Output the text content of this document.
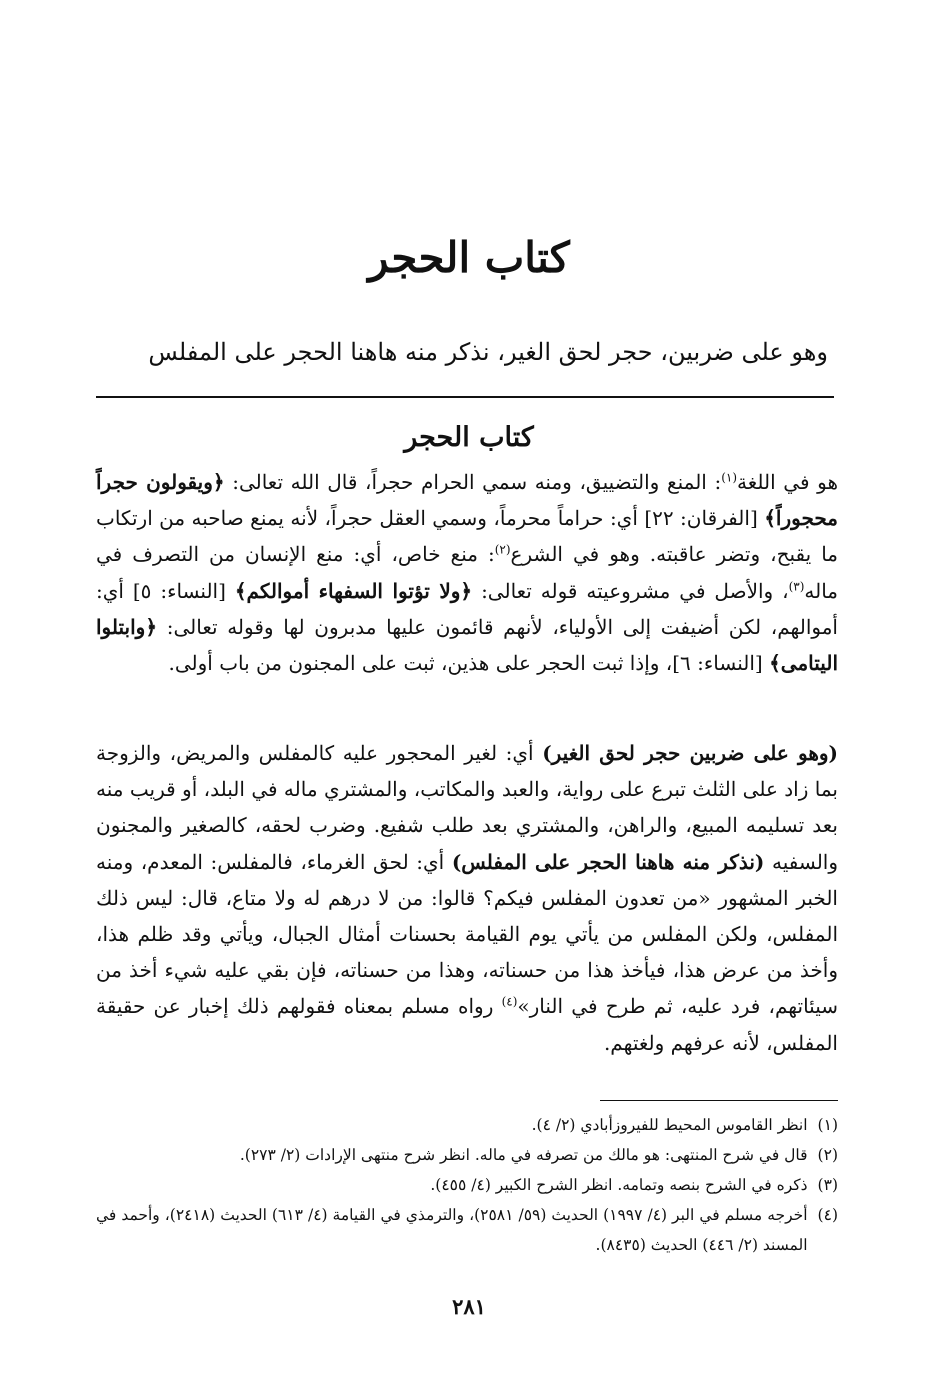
كتاب الحجر
وهو على ضربين، حجر لحق الغير، نذكر منه هاهنا الحجر على المفلس
كتاب الحجر
هو في اللغة$^{(١)}$: المنع والتضييق، ومنه سمي الحرام حجراً، قال الله تعالى: ﴿ويقولون حجراً محجوراً﴾ [الفرقان: ٢٢] أي: حراماً محرماً، وسمي العقل حجراً، لأنه يمنع صاحبه من ارتكاب ما يقبح، وتضر عاقبته. وهو في الشرع$^{(٢)}$: منع خاص، أي: منع الإنسان من التصرف في ماله$^{(٣)}$، والأصل في مشروعيته قوله تعالى: ﴿ولا تؤتوا السفهاء أموالكم﴾ [النساء: ٥] أي: أموالهم، لكن أضيفت إلى الأولياء، لأنهم قائمون عليها مدبرون لها وقوله تعالى: ﴿وابتلوا اليتامى﴾ [النساء: ٦]، وإذا ثبت الحجر على هذين، ثبت على المجنون من باب أولى.
(وهو على ضربين حجر لحق الغير) أي: لغير المحجور عليه كالمفلس والمريض، والزوجة بما زاد على الثلث تبرع على رواية، والعبد والمكاتب، والمشتري ماله في البلد، أو قريب منه بعد تسليمه المبيع، والراهن، والمشتري بعد طلب شفيع. وضرب لحقه، كالصغير والمجنون والسفيه (نذكر منه هاهنا الحجر على المفلس) أي: لحق الغرماء، فالمفلس: المعدم، ومنه الخبر المشهور «من تعدون المفلس فيكم؟ قالوا: من لا درهم له ولا متاع، قال: ليس ذلك المفلس، ولكن المفلس من يأتي يوم القيامة بحسنات أمثال الجبال، ويأتي وقد ظلم هذا، وأخذ من عرض هذا، فيأخذ هذا من حسناته، وهذا من حسناته، فإن بقي عليه شيء أخذ من سيئاتهم، فرد عليه، ثم طرح في النار»$^{(٤)}$ رواه مسلم بمعناه فقولهم ذلك إخبار عن حقيقة المفلس، لأنه عرفهم ولغتهم.
(١)
انظر القاموس المحيط للفيروزأبادي (٢/ ٤).
(٢)
قال في شرح المنتهى: هو مالك من تصرفه في ماله. انظر شرح منتهى الإرادات (٢/ ٢٧٣).
(٣)
ذكره في الشرح بنصه وتمامه. انظر الشرح الكبير (٤/ ٤٥٥).
(٤)
أخرجه مسلم في البر (٤/ ١٩٩٧) الحديث (٥٩/ ٢٥٨١)، والترمذي في القيامة (٤/ ٦١٣) الحديث (٢٤١٨)، وأحمد في المسند (٢/ ٤٤٦) الحديث (٨٤٣٥).
٢٨١
